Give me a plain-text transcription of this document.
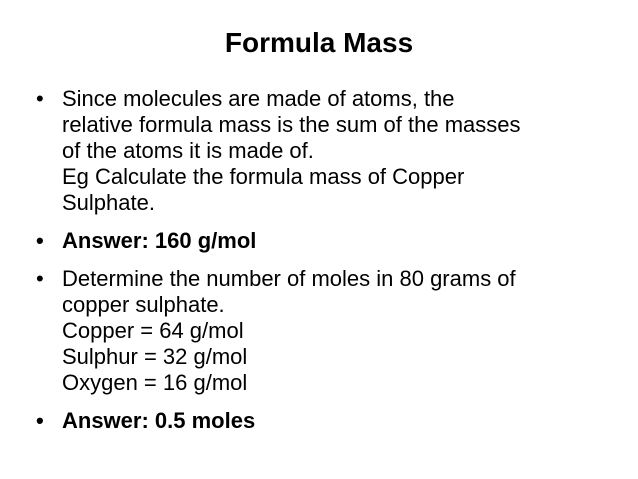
Formula Mass
• Since molecules are made of atoms, the
relative formula mass is the sum of the masses
of the atoms it is made of.
Eg Calculate the formula mass of Copper
Sulphate.
• Answer: 160 g/mol
• Determine the number of moles in 80 grams of
copper sulphate.
Copper = 64 g/mol
Sulphur = 32 g/mol
Oxygen = 16 g/mol
• Answer: 0.5 moles
